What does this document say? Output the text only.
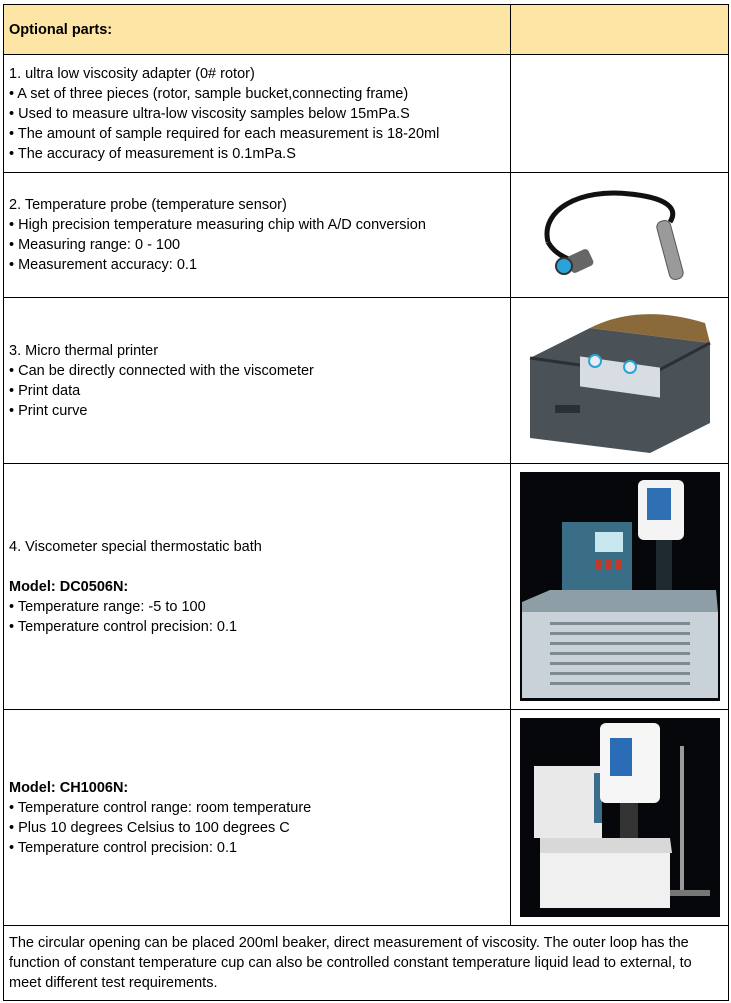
Optional parts:	

1. ultra low viscosity adapter (0# rotor)
• A set of three pieces (rotor, sample bucket,connecting frame)
• Used to measure ultra-low viscosity samples below 15mPa.S
• The amount of sample required for each measurement is 18-20ml
• The accuracy of measurement is 0.1mPa.S	

2. Temperature probe (temperature sensor)
• High precision temperature measuring chip with A/D conversion
• Measuring range: 0 - 100
• Measurement accuracy: 0.1

3. Micro thermal printer
• Can be directly connected with the viscometer
• Print data
• Print curve

4. Viscometer special thermostatic bath
Model: DC0506N:
• Temperature range: -5 to 100
• Temperature control precision: 0.1

Model: CH1006N:
• Temperature control range: room temperature
• Plus 10 degrees Celsius to 100 degrees C
• Temperature control precision: 0.1

The circular opening can be placed 200ml beaker, direct measurement of viscosity. The outer loop has the function of constant temperature cup can also be controlled constant temperature liquid lead to external, to meet different test requirements.	
